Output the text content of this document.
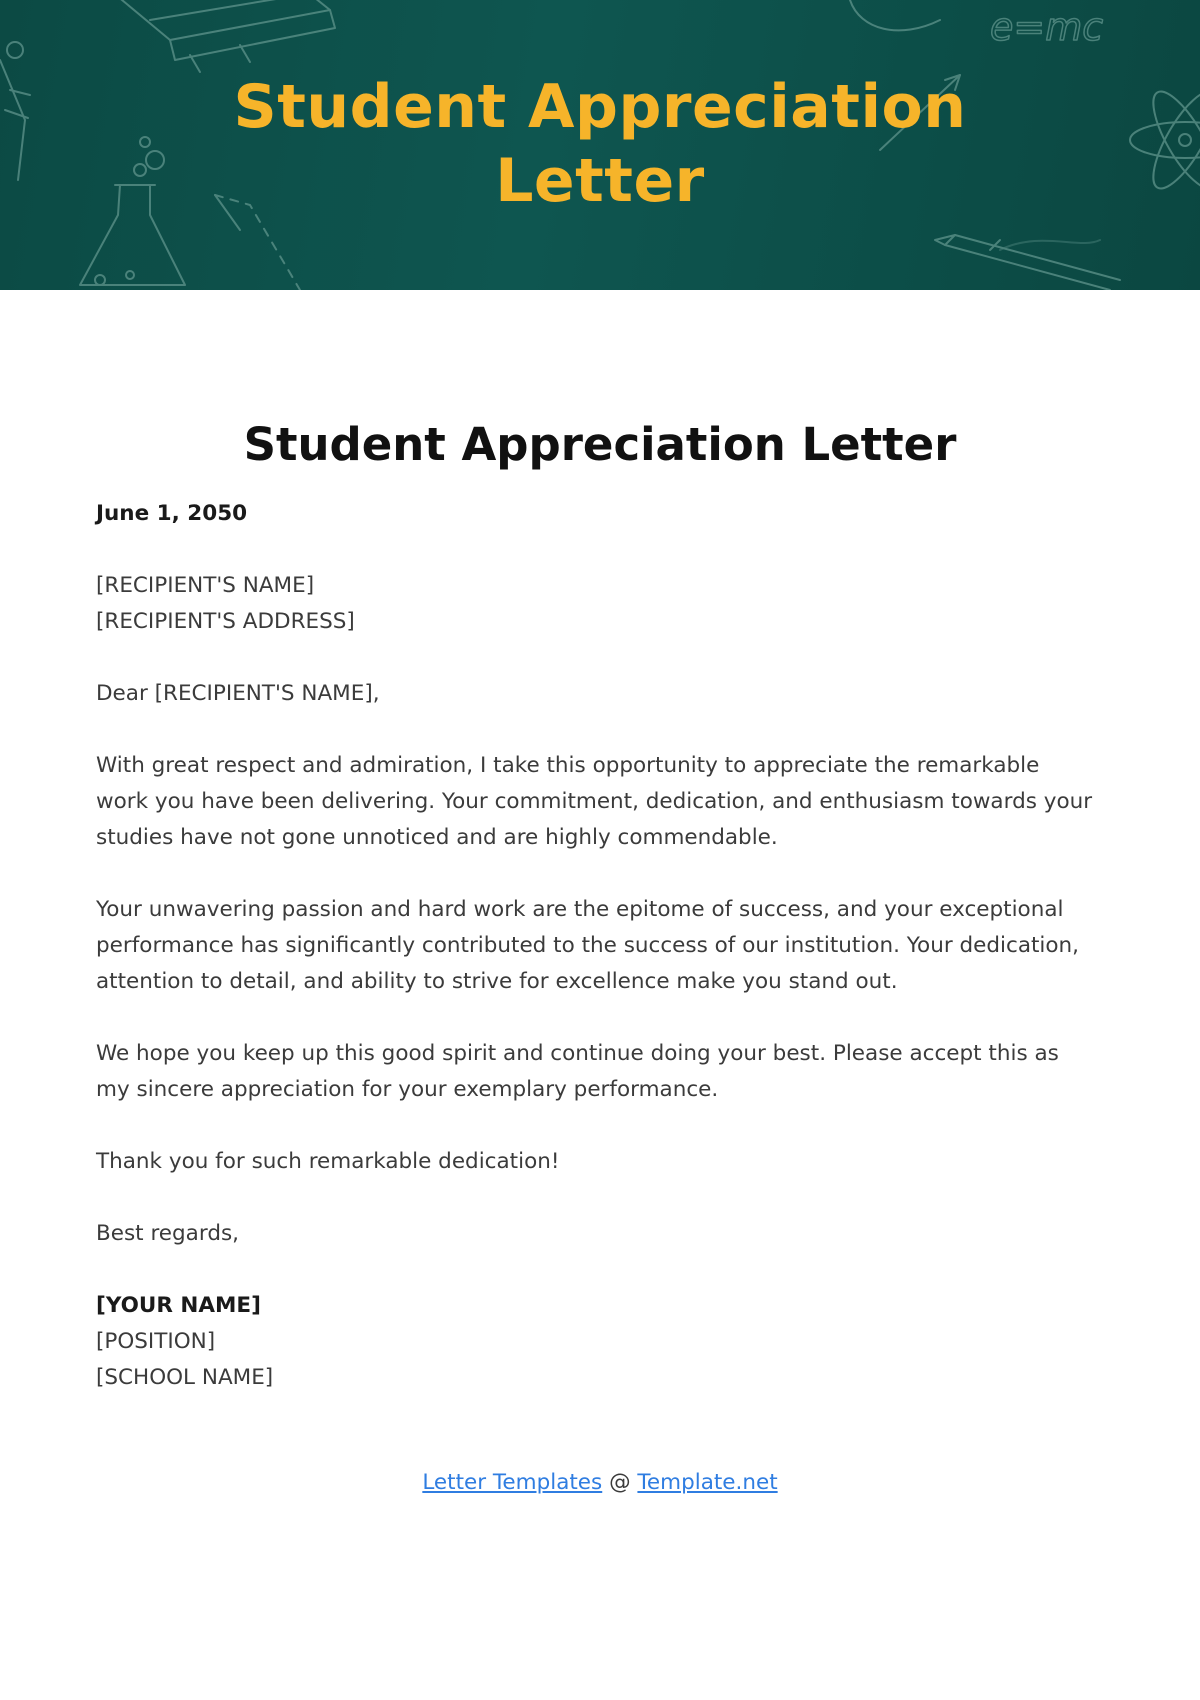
e=mc
Student Appreciation
Letter
Student Appreciation Letter

June 1, 2050

[RECIPIENT'S NAME]
[RECIPIENT'S ADDRESS]

Dear [RECIPIENT'S NAME],

With great respect and admiration, I take this opportunity to appreciate the remarkable work you have been delivering. Your commitment, dedication, and enthusiasm towards your studies have not gone unnoticed and are highly commendable.

Your unwavering passion and hard work are the epitome of success, and your exceptional performance has significantly contributed to the success of our institution. Your dedication, attention to detail, and ability to strive for excellence make you stand out.

We hope you keep up this good spirit and continue doing your best. Please accept this as my sincere appreciation for your exemplary performance.

Thank you for such remarkable dedication!

Best regards,

[YOUR NAME]
[POSITION]
[SCHOOL NAME]

Letter Templates @ Template.net
